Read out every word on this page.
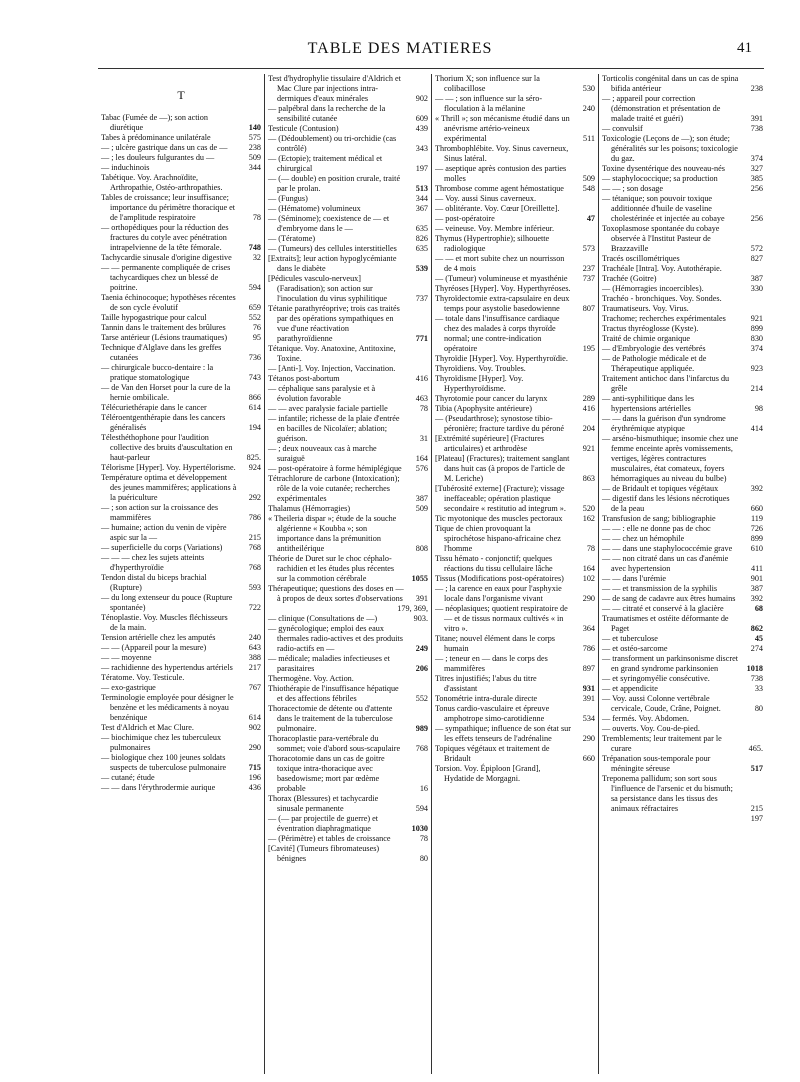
TABLE DES MATIERES	41
T
Tabac (Fumée de —); son action diurétique	140
Tabes à prédominance unilatérale	575
— ; ulcère gastrique dans un cas de —	238
— ; les douleurs fulgurantes du —	509
— induchinois	344
Tabétique. Voy. Arachnoïdite, Arthropathie, Ostéo-arthropathies.
Tables de croissance; leur insuffisance; importance du périmètre thoracique et de l'amplitude respiratoire	78
— orthopédiques pour la réduction des fractures du cotyle avec pénétration intrapelvienne de la tête fémorale.	748
Tachycardie sinusale d'origine digestive	32
— — permanente compliquée de crises tachycardiques chez un blessé de poitrine.	594
Taenia échinocoque; hypothèses récentes de son cycle évolutif	659
Taille hypogastrique pour calcul	552
Tannin dans le traitement des brûlures	76
Tarse antérieur (Lésions traumatiques)	95
Technique d'Alglave dans les greffes cutanées	736
— chirurgicale bucco-dentaire : la pratique stomatologique	743
— de Van den Horset pour la cure de la hernie ombilicale.	866
Télécuriethérapie dans le cancer	614
Téléroentgenthérapie dans les cancers généralisés	194
Télesthéthophone pour l'audition collective des bruits d'auscultation en haut-parleur	825.
Télorisme [Hyper]. Voy. Hypertélorisme.	924
Température optima et développement des jeunes mammifères; applications à la puériculture	292
— ; son action sur la croissance des mammifères	786
— humaine; action du venin de vipère aspic sur la —	215
— superficielle du corps (Variations)	768
— — — chez les sujets atteints d'hyperthyroïdie	768
Tendon distal du biceps brachial (Rupture)	593
— du long extenseur du pouce (Rupture spontanée)	722
Ténoplastie. Voy. Muscles fléchisseurs de la main.
Tension artérielle chez les amputés	240
— — (Appareil pour la mesure)	643
— — moyenne	388
— rachidienne des hypertendus artériels	217
Tératome. Voy. Testicule.
— exo-gastrique	767
Terminologie employée pour désigner le benzène et les médicaments à noyau benzénique	614
Test d'Aldrich et Mac Clure.	902
— biochimique chez les tuberculeux pulmonaires	290
— biologique chez 100 jeunes soldats suspects de tuberculose pulmonaire	715
— cutané; étude	196
— — dans l'érythrodermie aurique	436
Test d'hydrophylie tissulaire d'Aldrich et Mac Clure par injections intra-dermiques d'eaux minérales	902
— palpébral dans la recherche de la sensibilité cutanée	609
Testicule (Contusion)	439
— (Dédoublement) ou tri-orchidie (cas contrôlé)	343
— (Ectopie); traitement médical et chirurgical	197
— (— double) en position crurale, traité par le prolan.	513
— (Fungus)	344
— (Hématome) volumineux	367
— (Séminome); coexistence de — et d'embryome dans le —	635
— (Tératome)	826
— (Tumeurs) des cellules interstitielles	635
[Extraits]; leur action hypoglycémiante dans le diabète	539
[Pédicules vasculo-nerveux] (Faradisation); son action sur l'inoculation du virus syphilitique	737
Tétanie parathyréoprive; trois cas traités par des opérations sympathiques en vue d'une réactivation parathyroïdienne	771
Tétanique. Voy. Anatoxine, Antitoxine, Toxine.
— [Anti-]. Voy. Injection, Vaccination.
Tétanos post-abortum	416
— céphalique sans paralysie et à évolution favorable	463
— — avec paralysie faciale partielle	78
— infantile; richesse de la plaie d'entrée en bacilles de Nicolaïer; ablation; guérison.	31
— ; deux nouveaux cas à marche suraiguë	164
— post-opératoire à forme hémiplégique	576
Tétrachlorure de carbone (Intoxication); rôle de la voie cutanée; recherches expérimentales	387
Thalamus (Hémorragies)	509
« Theileria dispar »; étude de la souche algérienne « Koubba »; son importance dans la prémunition antitheilérique	808
Théorie de Duret sur le choc céphalo-rachidien et les études plus récentes sur la commotion cérébrale	1055
Thérapeutique; questions des doses en — à propos de deux sortes d'observations	391
— clinique (Consultations de —)
179, 369, 903.
— gynécologique; emploi des eaux thermales radio-actives et des produits radio-actifs en —	249
— médicale; maladies infectieuses et parasitaires	206
Thermogène. Voy. Action.
Thiothérapie de l'insuffisance hépatique et des affections fébriles	552
Thoracectomie de détente ou d'attente dans le traitement de la tuberculose pulmonaire.	989
Thoracoplastie para-vertébrale du sommet; voie d'abord sous-scapulaire	768
Thoracotomie dans un cas de goitre toxique intra-thoracique avec basedowisme; mort par œdème probable	16
Thorax (Blessures) et tachycardie sinusale permanente	594
— (— par projectile de guerre) et éventration diaphragmatique	1030
— (Périmètre) et tables de croissance	78
[Cavité] (Tumeurs fibromateuses) bénignes	80
Thorium X; son influence sur la colibacillose	530
— — ; son influence sur la séro-floculation à la mélanine	240
« Thrill »; son mécanisme étudié dans un anévrisme artério-veineux expérimental	511
Thrombophlébite. Voy. Sinus caverneux, Sinus latéral.
— aseptique après contusion des parties molles	509
Thrombose comme agent hémostatique	548
— Voy. aussi Sinus caverneux.
— oblitérante. Voy. Cœur [Oreillette].
— post-opératoire	47
— veineuse. Voy. Membre inférieur.
Thymus (Hypertrophie); silhouette radiologique	573
— — et mort subite chez un nourrisson de 4 mois	237
— (Tumeur) volumineuse et myasthénie	737
Thyréoses [Hyper]. Voy. Hyperthyréoses.
Thyroïdectomie extra-capsulaire en deux temps pour asystolie basedowienne	807
— totale dans l'insuffisance cardiaque chez des malades à corps thyroïde normal; une contre-indication opératoire	195
Thyroïdie [Hyper]. Voy. Hyperthyroïdie.
Thyroïdiens. Voy. Troubles.
Thyroïdisme [Hyper]. Voy. Hyperthyroïdisme.
Thyrotomie pour cancer du larynx	289
Tibia (Apophysite antérieure)	416
— (Pseudarthrose); synostose tibio-péronière; fracture tardive du péroné	204
[Extrémité supérieure] (Fractures articulaires) et arthrodèse	921
[Plateau] (Fractures); traitement sanglant dans huit cas (à propos de l'article de M. Leriche)	863
[Tubérosité externe] (Fracture); vissage ineffaceable; opération plastique secondaire « restitutio ad integrum ».	520
Tic myotonique des muscles pectoraux	162
Tique de chien provoquant la spirochétose hispano-africaine chez l'homme	78
Tissu hémato - conjonctif; quelques réactions du tissu cellulaire lâche	164
Tissus (Modifications post-opératoires)	102
— ; la carence en eaux pour l'asphyxie locale dans l'organisme vivant	290
— néoplasiques; quotient respiratoire de — et de tissus normaux cultivés « in vitro ».	364
Titane; nouvel élément dans le corps humain	786
— ; teneur en — dans le corps des mammifères	897
Titres injustifiés; l'abus du titre d'assistant	931
Tonométrie intra-durale directe	391
Tonus cardio-vasculaire et épreuve amphotrope simo-carotidienne	534
— sympathique; influence de son état sur les effets tenseurs de l'adrénaline	290
Topiques végétaux et traitement de Bridault	660
Torsion. Voy. Épiploon [Grand], Hydatide de Morgagni.
Torticolis congénital dans un cas de spina bifida antérieur	238
— ; appareil pour correction (démonstration et présentation de malade traité et guéri)	391
— convulsif	738
Toxicologie (Leçons de —); son étude; généralités sur les poisons; toxicologie du gaz.	374
Toxine dysentérique des nouveau-nés	327
— staphylococcique; sa production	385
— — ; son dosage	256
— tétanique; son pouvoir toxique additionnée d'huile de vaseline cholestérinée et injectée au cobaye	256
Toxoplasmose spontanée du cobaye observée à l'Institut Pasteur de Brazzaville	572
Tracés oscillométriques	827
Trachéale [Intra]. Voy. Autothérapie.
Trachée (Goitre)	387
— (Hémorragies incoercibles).	330
Trachéo - bronchiques. Voy. Sondes.
Traumatiseurs. Voy. Virus.
Trachome; recherches expérimentales	921
Tractus thyréoglosse (Kyste).	899
Traité de chimie organique	830
— d'Embryologie des vertébrés	374
— de Pathologie médicale et de Thérapeutique appliquée.	923
Traitement antichoc dans l'infarctus du grêle	214
— anti-syphilitique dans les hypertensions artérielles	98
— — dans la guérison d'un syndrome érythrémique atypique	414
— arséno-bismuthique; insomie chez une femme enceinte après vomissements, vertiges, légères contractures musculaires, état comateux, foyers hémorragiques au niveau du bulbe)
— de Bridault et topiques végétaux	392
— digestif dans les lésions nécrotiques de la peau	660
Transfusion de sang; bibliographie	119
— — : elle ne donne pas de choc	726
— — chez un hémophile	899
— — dans une staphylococcémie grave	610
— — non citraté dans un cas d'anémie avec hypertension	411
— — dans l'urémie	901
— — et transmission de la syphilis	387
— de sang de cadavre aux êtres humains	392
— — citraté et conservé à la glacière	68
Traumatismes et ostéite déformante de Paget	862
— et tuberculose	45
— et ostéo-sarcome	274
— transforment un parkinsonisme discret en grand syndrome parkinsonien	1018
— et syringomyélie consécutive.	738
— et appendicite	33
— Voy. aussi Colonne vertébrale cervicale, Coude, Crâne, Poignet.	80
— fermés. Voy. Abdomen.
— ouverts. Voy. Cou-de-pied.
Tremblements; leur traitement par le curare	465.
Trépanation sous-temporale pour méningite séreuse	517
Treponema pallidum; son sort sous l'influence de l'arsenic et du bismuth; sa persistance dans les tissus des animaux réfractaires	215
197
